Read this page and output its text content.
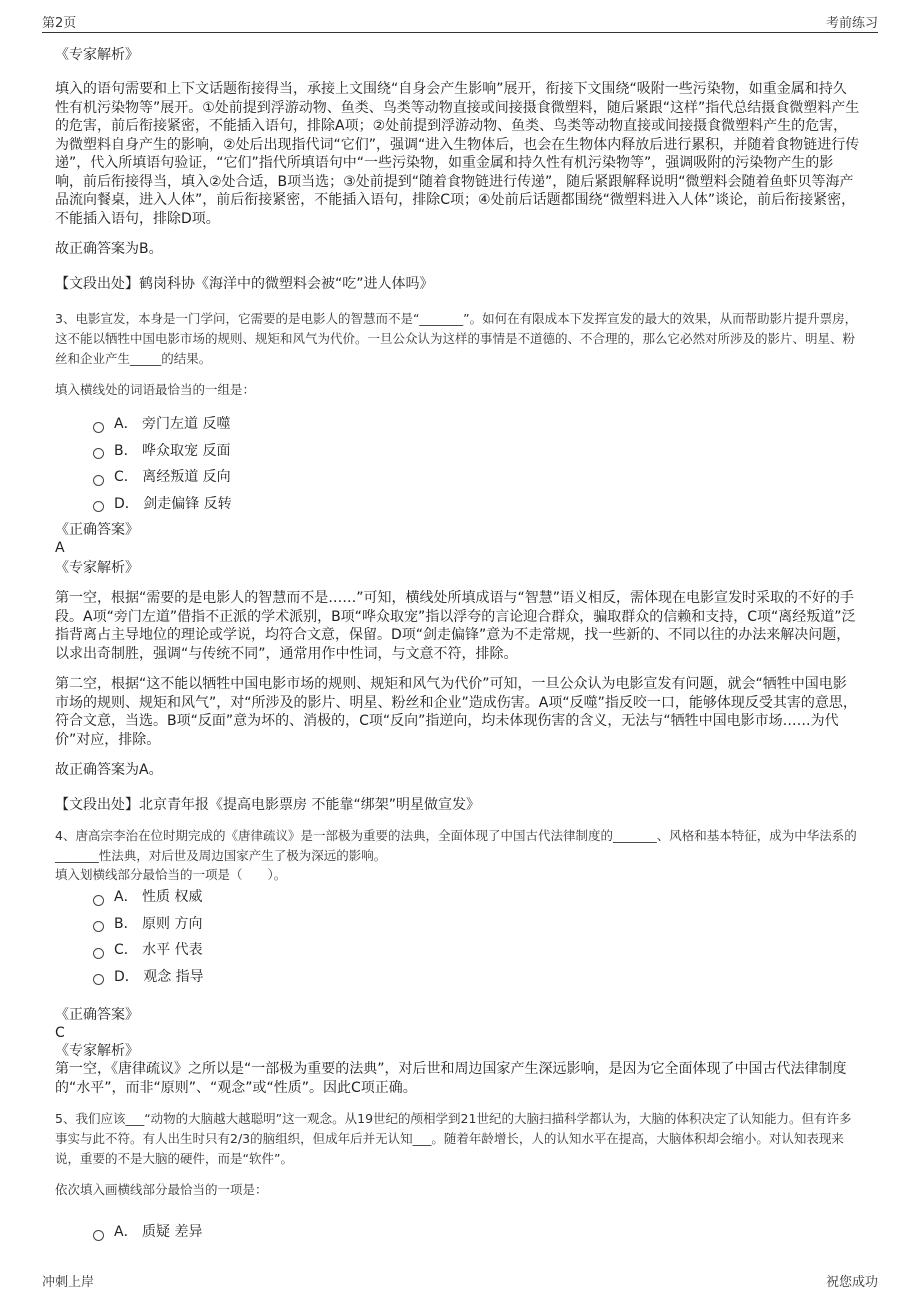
第2页	考前练习

《专家解析》

填入的语句需要和上下文话题衔接得当，承接上文围绕“自身会产生影响”展开，衔接下文围绕“吸附一些污染物，如重金属和持久性有机污染物等”展开。①处前提到浮游动物、鱼类、鸟类等动物直接或间接摄食微塑料，随后紧跟“这样”指代总结摄食微塑料产生的危害，前后衔接紧密，不能插入语句，排除A项；②处前提到浮游动物、鱼类、鸟类等动物直接或间接摄食微塑料产生的危害，为微塑料自身产生的影响，②处后出现指代词“它们”，强调“进入生物体后，也会在生物体内释放后进行累积，并随着食物链进行传递”，代入所填语句验证，“它们”指代所填语句中“一些污染物，如重金属和持久性有机污染物等”，强调吸附的污染物产生的影响，前后衔接得当，填入②处合适，B项当选；③处前提到“随着食物链进行传递”，随后紧跟解释说明“微塑料会随着鱼虾贝等海产品流向餐桌，进入人体”，前后衔接紧密，不能插入语句，排除C项；④处前后话题都围绕“微塑料进入人体”谈论，前后衔接紧密，不能插入语句，排除D项。

故正确答案为B。

【文段出处】鹤岗科协《海洋中的微塑料会被“吃”进人体吗》

3、电影宣发，本身是一门学问，它需要的是电影人的智慧而不是“_______”。如何在有限成本下发挥宣发的最大的效果，从而帮助影片提升票房，这不能以牺牲中国电影市场的规则、规矩和风气为代价。一旦公众认为这样的事情是不道德的、不合理的，那么它必然对所涉及的影片、明星、粉丝和企业产生_____的结果。

填入横线处的词语最恰当的一组是：

A． 旁门左道 反噬
B． 哗众取宠 反面
C． 离经叛道 反向
D． 剑走偏锋 反转

《正确答案》

A

《专家解析》

第一空，根据“需要的是电影人的智慧而不是……”可知，横线处所填成语与“智慧”语义相反，需体现在电影宣发时采取的不好的手段。A项“旁门左道”借指不正派的学术派别，B项“哗众取宠”指以浮夸的言论迎合群众，骗取群众的信赖和支持，C项“离经叛道”泛指背离占主导地位的理论或学说，均符合文意，保留。D项“剑走偏锋”意为不走常规，找一些新的、不同以往的办法来解决问题，以求出奇制胜，强调“与传统不同”，通常用作中性词，与文意不符，排除。

第二空，根据“这不能以牺牲中国电影市场的规则、规矩和风气为代价”可知，一旦公众认为电影宣发有问题，就会“牺牲中国电影市场的规则、规矩和风气”，对“所涉及的影片、明星、粉丝和企业”造成伤害。A项“反噬”指反咬一口，能够体现反受其害的意思，符合文意，当选。B项“反面”意为坏的、消极的，C项“反向”指逆向，均未体现伤害的含义，无法与“牺牲中国电影市场……为代价”对应，排除。

故正确答案为A。

【文段出处】北京青年报《提高电影票房 不能靠“绑架”明星做宣发》

4、唐高宗李治在位时期完成的《唐律疏议》是一部极为重要的法典，全面体现了中国古代法律制度的_______、风格和基本特征，成为中华法系的_______性法典，对后世及周边国家产生了极为深远的影响。

填入划横线部分最恰当的一项是（　　）。

A． 性质 权威
B． 原则 方向
C． 水平 代表
D． 观念 指导

《正确答案》

C

《专家解析》

第一空，《唐律疏议》之所以是“一部极为重要的法典”，对后世和周边国家产生深远影响，是因为它全面体现了中国古代法律制度的“水平”，而非“原则”、“观念”或“性质”。因此C项正确。

5、我们应该___“动物的大脑越大越聪明”这一观念。从19世纪的颅相学到21世纪的大脑扫描科学都认为，大脑的体积决定了认知能力。但有许多事实与此不符。有人出生时只有2/3的脑组织，但成年后并无认知___。随着年龄增长，人的认知水平在提高，大脑体积却会缩小。对认知表现来说，重要的不是大脑的硬件，而是“软件”。

依次填入画横线部分最恰当的一项是：

A． 质疑 差异
冲刺上岸	祝您成功
